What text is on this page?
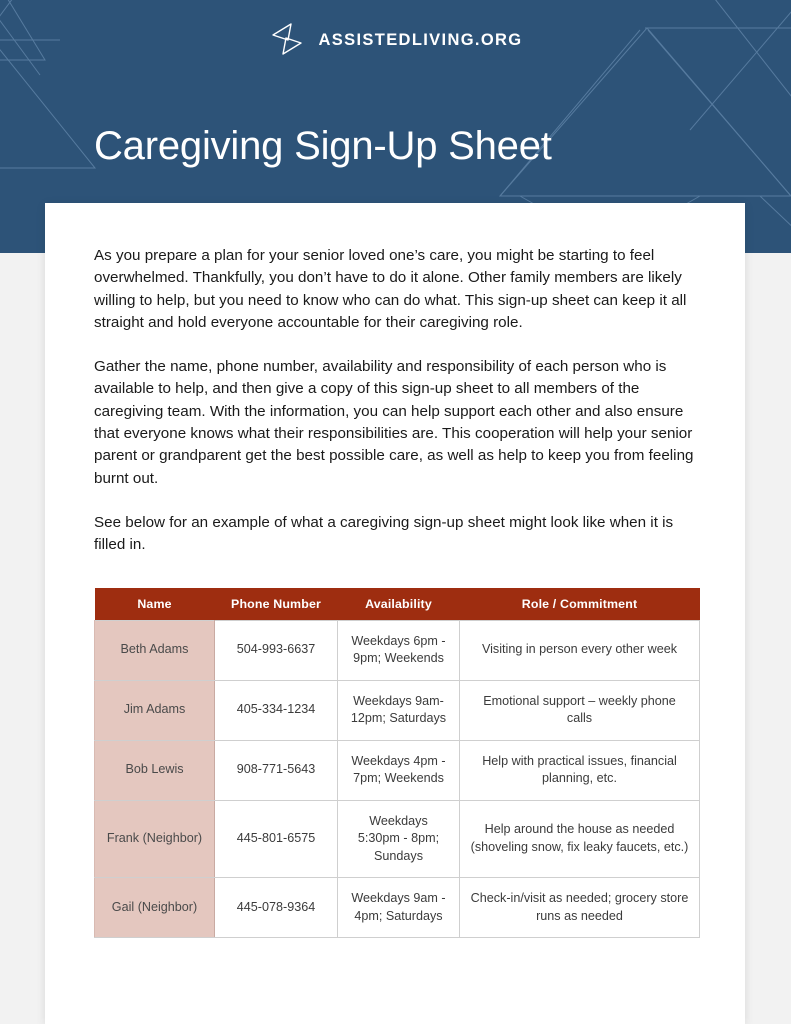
ASSISTEDLIVING.ORG
Caregiving Sign-Up Sheet

As you prepare a plan for your senior loved one’s care, you might be starting to feel overwhelmed. Thankfully, you don’t have to do it alone. Other family members are likely willing to help, but you need to know who can do what. This sign-up sheet can keep it all straight and hold everyone accountable for their caregiving role.

Gather the name, phone number, availability and responsibility of each person who is available to help, and then give a copy of this sign-up sheet to all members of the caregiving team. With the information, you can help support each other and also ensure that everyone knows what their responsibilities are. This cooperation will help your senior parent or grandparent get the best possible care, as well as help to keep you from feeling burnt out.

See below for an example of what a caregiving sign-up sheet might look like when it is filled in.

Name	Phone Number	Availability	Role / Commitment
Beth Adams	504-993-6637	Weekdays 6pm - 9pm; Weekends	Visiting in person every other week
Jim Adams	405-334-1234	Weekdays 9am-12pm; Saturdays	Emotional support – weekly phone calls
Bob Lewis	908-771-5643	Weekdays 4pm - 7pm; Weekends	Help with practical issues, financial planning, etc.
Frank (Neighbor)	445-801-6575	Weekdays 5:30pm - 8pm; Sundays	Help around the house as needed (shoveling snow, fix leaky faucets, etc.)
Gail (Neighbor)	445-078-9364	Weekdays 9am - 4pm; Saturdays	Check-in/visit as needed; grocery store runs as needed
